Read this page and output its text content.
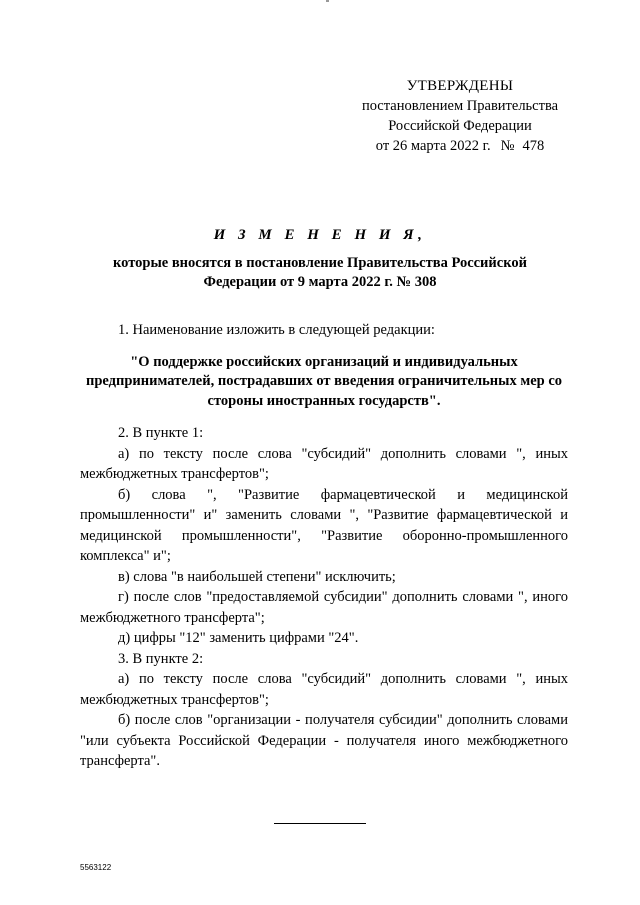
УТВЕРЖДЕНЫ
постановлением Правительства
Российской Федерации
от 26 марта 2022 г. № 478
И З М Е Н Е Н И Я,
которые вносятся в постановление Правительства Российской Федерации от 9 марта 2022 г. № 308

1. Наименование изложить в следующей редакции:

"О поддержке российских организаций и индивидуальных предпринимателей, пострадавших от введения ограничительных мер со стороны иностранных государств".

2. В пункте 1:

а) по тексту после слова "субсидий" дополнить словами ", иных межбюджетных трансфертов";

б) слова ", "Развитие фармацевтической и медицинской промышленности" и" заменить словами ", "Развитие фармацевтической и медицинской промышленности", "Развитие оборонно-промышленного комплекса" и";

в) слова "в наибольшей степени" исключить;

г) после слов "предоставляемой субсидии" дополнить словами ", иного межбюджетного трансферта";

д) цифры "12" заменить цифрами "24".

3. В пункте 2:

а) по тексту после слова "субсидий" дополнить словами ", иных межбюджетных трансфертов";

б) после слов "организации - получателя субсидии" дополнить словами "или субъекта Российской Федерации - получателя иного межбюджетного трансферта".

5563122
